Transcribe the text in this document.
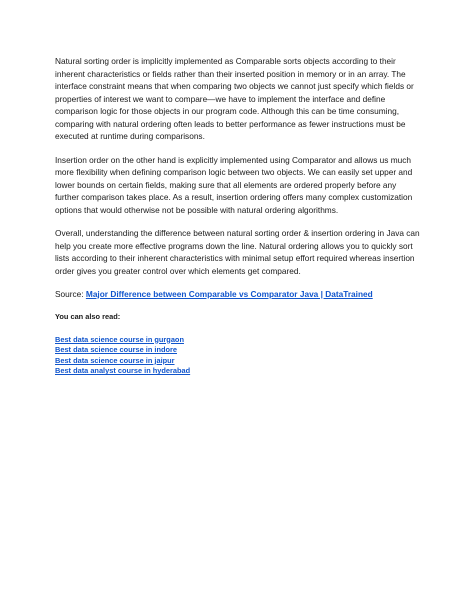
Natural sorting order is implicitly implemented as Comparable sorts objects according to their inherent characteristics or fields rather than their inserted position in memory or in an array. The interface constraint means that when comparing two objects we cannot just specify which fields or properties of interest we want to compare—we have to implement the interface and define comparison logic for those objects in our program code. Although this can be time consuming, comparing with natural ordering often leads to better performance as fewer instructions must be executed at runtime during comparisons.

Insertion order on the other hand is explicitly implemented using Comparator and allows us much more flexibility when defining comparison logic between two objects. We can easily set upper and lower bounds on certain fields, making sure that all elements are ordered properly before any further comparison takes place. As a result, insertion ordering offers many complex customization options that would otherwise not be possible with natural ordering algorithms.

Overall, understanding the difference between natural sorting order & insertion ordering in Java can help you create more effective programs down the line. Natural ordering allows you to quickly sort lists according to their inherent characteristics with minimal setup effort required whereas insertion order gives you greater control over which elements get compared.

Source: Major Difference between Comparable vs Comparator Java | DataTrained

You can also read:

Best data science course in gurgaon
Best data science course in indore
Best data science course in jaipur
Best data analyst course in hyderabad
